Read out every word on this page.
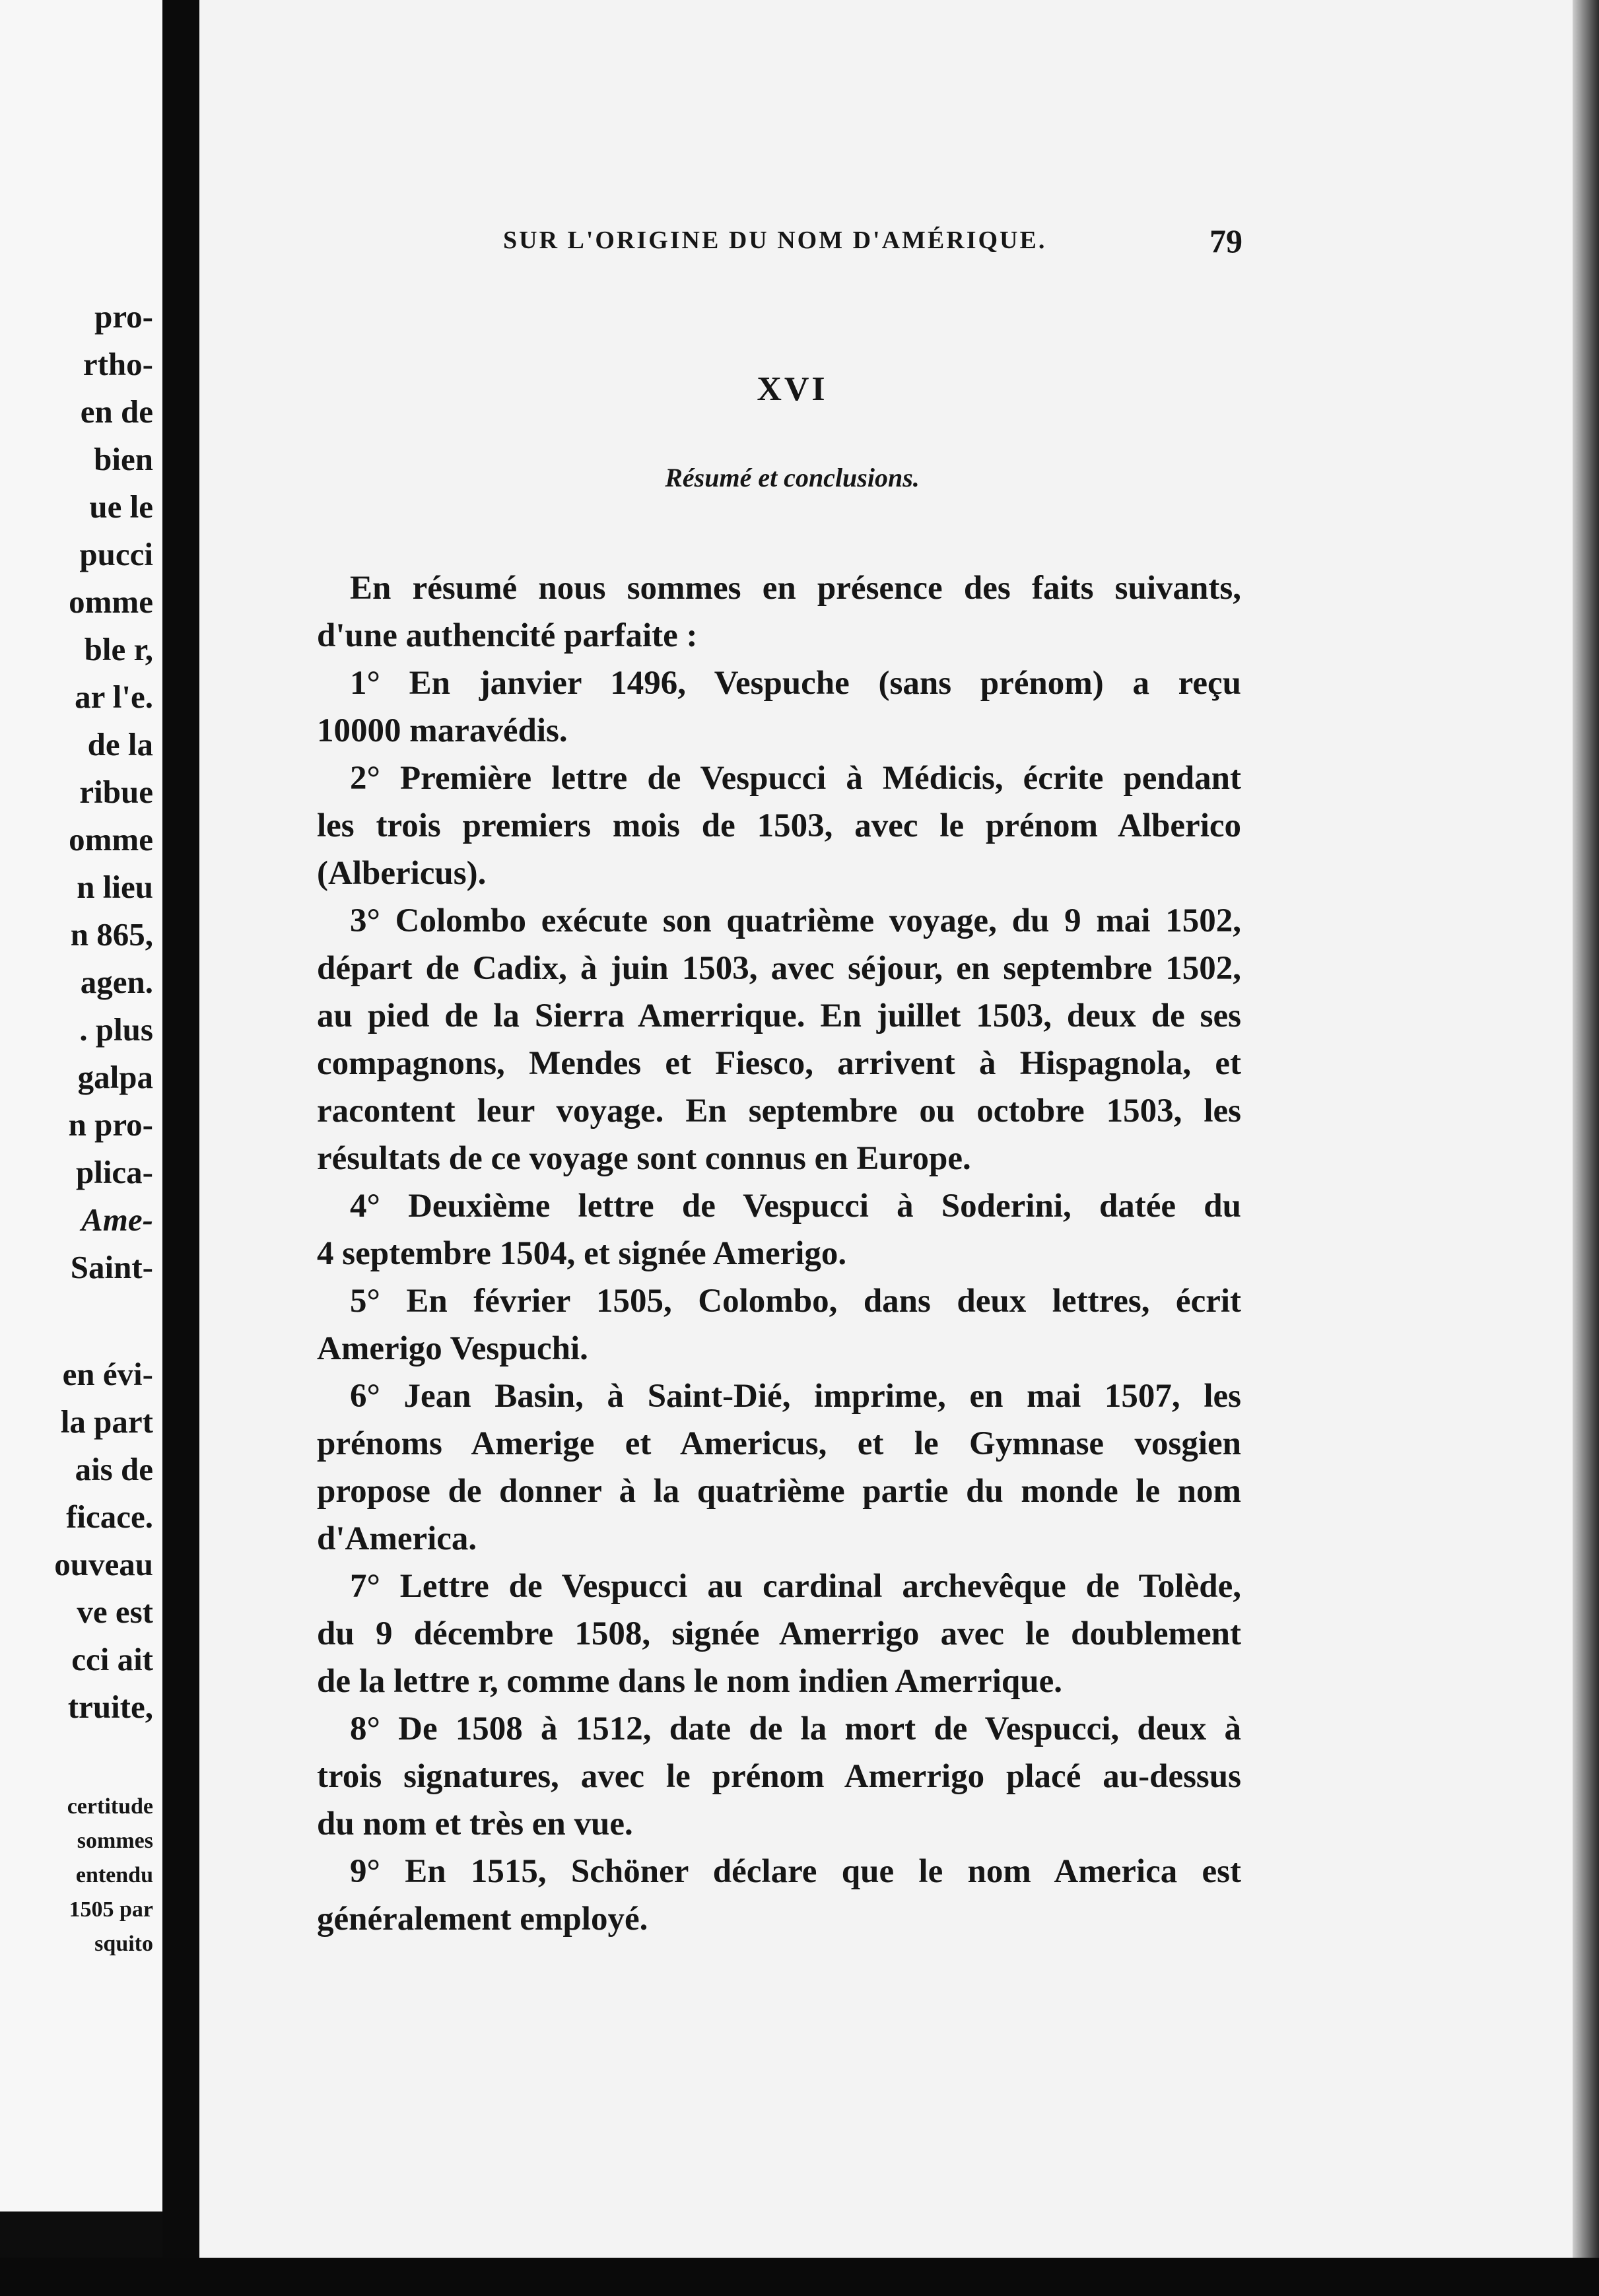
pro-
rtho-
en de
bien
ue le
pucci
omme
ble r,
ar l'e.
de la
ribue
omme
n lieu
n 865,
agen.
. plus
galpa
n pro-
plica-
Ame-
Saint-
en évi-
la part
ais de
ficace.
ouveau
ve est
cci ait
truite,
certitude
sommes
entendu
1505 par
squito
SUR L'ORIGINE DU NOM D'AMÉRIQUE.	79
XVI
Résumé et conclusions.
En résumé nous sommes en présence des faits suivants,
d'une authencité parfaite :
1° En janvier 1496, Vespuche (sans prénom) a reçu
10000 maravédis.
2° Première lettre de Vespucci à Médicis, écrite pendant
les trois premiers mois de 1503, avec le prénom Alberico
(Albericus).
3° Colombo exécute son quatrième voyage, du 9 mai 1502,
départ de Cadix, à juin 1503, avec séjour, en septembre 1502,
au pied de la Sierra Amerrique. En juillet 1503, deux de ses
compagnons, Mendes et Fiesco, arrivent à Hispagnola, et
racontent leur voyage. En septembre ou octobre 1503, les
résultats de ce voyage sont connus en Europe.
4° Deuxième lettre de Vespucci à Soderini, datée du
4 septembre 1504, et signée Amerigo.
5° En février 1505, Colombo, dans deux lettres, écrit
Amerigo Vespuchi.
6° Jean Basin, à Saint-Dié, imprime, en mai 1507, les
prénoms Amerige et Americus, et le Gymnase vosgien
propose de donner à la quatrième partie du monde le nom
d'America.
7° Lettre de Vespucci au cardinal archevêque de Tolède,
du 9 décembre 1508, signée Amerrigo avec le doublement
de la lettre r, comme dans le nom indien Amerrique.
8° De 1508 à 1512, date de la mort de Vespucci, deux à
trois signatures, avec le prénom Amerrigo placé au-dessus
du nom et très en vue.
9° En 1515, Schöner déclare que le nom America est
généralement employé.
